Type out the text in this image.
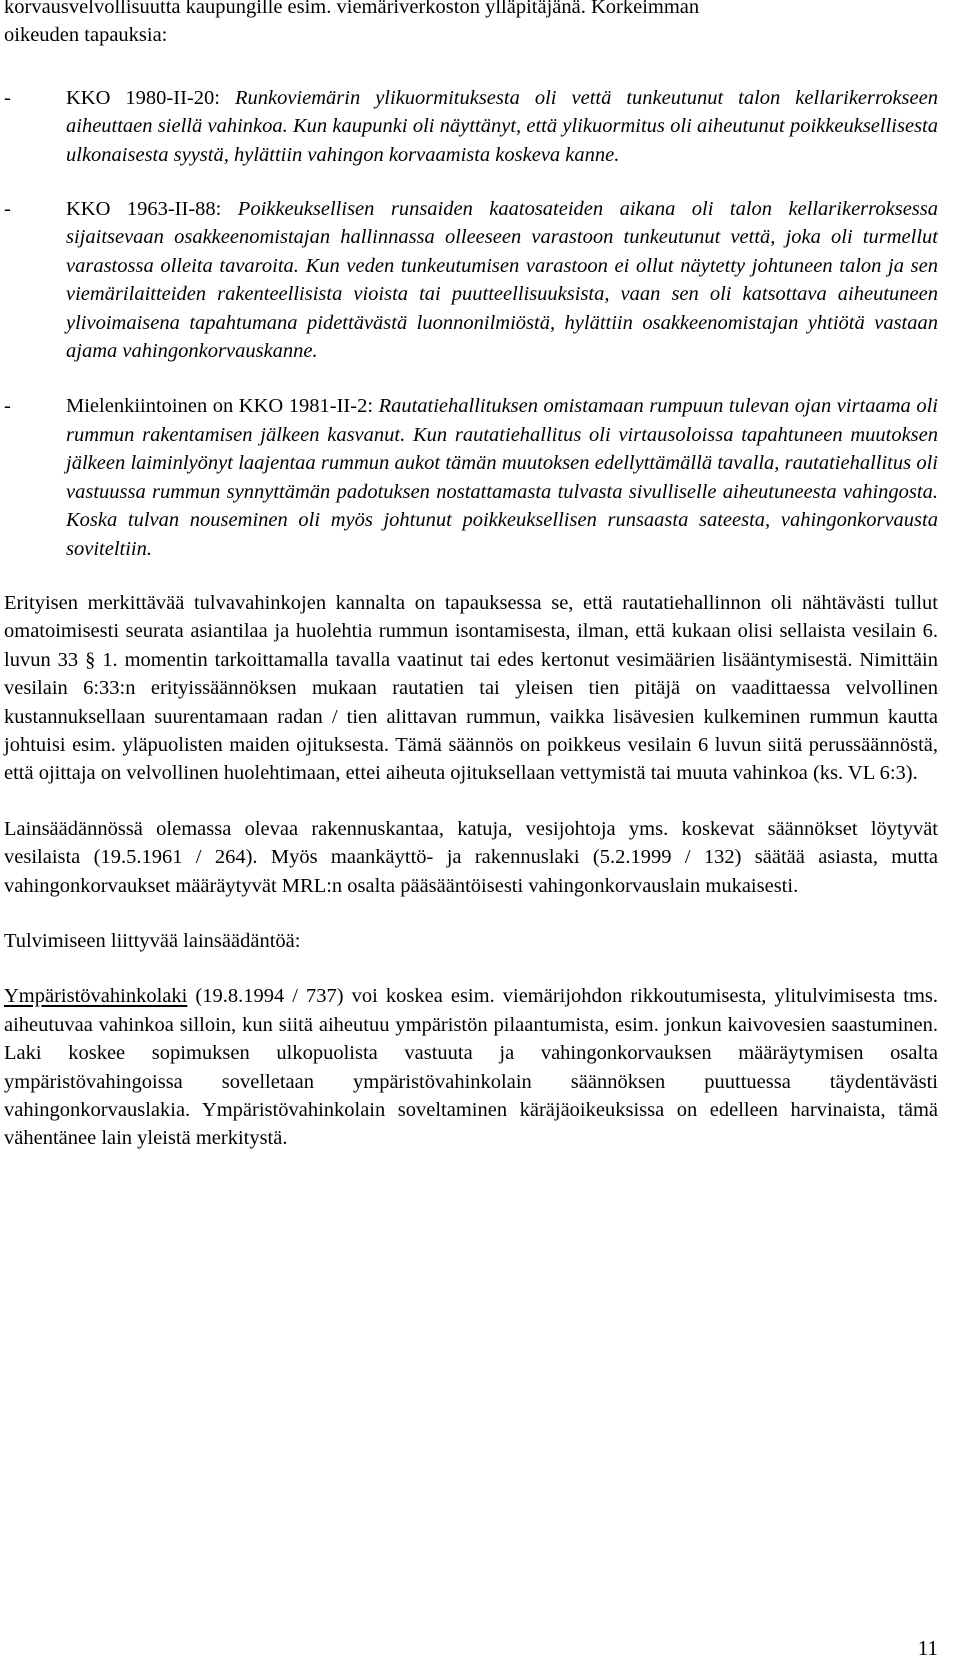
korvausvelvollisuutta kaupungille esim. viemäriverkoston ylläpitäjänä. Korkeimman
oikeuden tapauksia:

-	KKO 1980-II-20: Runkoviemärin ylikuormituksesta oli vettä tunkeutunut talon kellarikerrokseen aiheuttaen siellä vahinkoa. Kun kaupunki oli näyttänyt, että ylikuormitus oli aiheutunut poikkeuksellisesta ulkonaisesta syystä, hylättiin vahingon korvaamista koskeva kanne.

-	KKO 1963-II-88: Poikkeuksellisen runsaiden kaatosateiden aikana oli talon kellarikerroksessa sijaitsevaan osakkeenomistajan hallinnassa olleeseen varastoon tunkeutunut vettä, joka oli turmellut varastossa olleita tavaroita. Kun veden tunkeutumisen varastoon ei ollut näytetty johtuneen talon ja sen viemärilaitteiden rakenteellisista vioista tai puutteellisuuksista, vaan sen oli katsottava aiheutuneen ylivoimaisena tapahtumana pidettävästä luonnonilmiöstä, hylättiin osakkeenomistajan yhtiötä vastaan ajama vahingonkorvauskanne.

-	Mielenkiintoinen on KKO 1981-II-2: Rautatiehallituksen omistamaan rumpuun tulevan ojan virtaama oli rummun rakentamisen jälkeen kasvanut. Kun rautatiehallitus oli virtausoloissa tapahtuneen muutoksen jälkeen laiminlyönyt laajentaa rummun aukot tämän muutoksen edellyttämällä tavalla, rautatiehallitus oli vastuussa rummun synnyttämän padotuksen nostattamasta tulvasta sivulliselle aiheutuneesta vahingosta. Koska tulvan nouseminen oli myös johtunut poikkeuksellisen runsaasta sateesta, vahingonkorvausta soviteltiin.

Erityisen merkittävää tulvavahinkojen kannalta on tapauksessa se, että rautatiehallinnon oli nähtävästi tullut omatoimisesti seurata asiantilaa ja huolehtia rummun isontamisesta, ilman, että kukaan olisi sellaista vesilain 6. luvun 33 § 1. momentin tarkoittamalla tavalla vaatinut tai edes kertonut vesimäärien lisääntymisestä. Nimittäin vesilain 6:33:n erityissäännöksen mukaan rautatien tai yleisen tien pitäjä on vaadittaessa velvollinen kustannuksellaan suurentamaan radan / tien alittavan rummun, vaikka lisävesien kulkeminen rummun kautta johtuisi esim. yläpuolisten maiden ojituksesta. Tämä säännös on poikkeus vesilain 6 luvun siitä perussäännöstä, että ojittaja on velvollinen huolehtimaan, ettei aiheuta ojituksellaan vettymistä tai muuta vahinkoa (ks. VL 6:3).

Lainsäädännössä olemassa olevaa rakennuskantaa, katuja, vesijohtoja yms. koskevat säännökset löytyvät vesilaista (19.5.1961 / 264). Myös maankäyttö- ja rakennuslaki (5.2.1999 / 132) säätää asiasta, mutta vahingonkorvaukset määräytyvät MRL:n osalta pääsääntöisesti vahingonkorvauslain mukaisesti.

Tulvimiseen liittyvää lainsäädäntöä:

Ympäristövahinkolaki (19.8.1994 / 737) voi koskea esim. viemärijohdon rikkoutumisesta, ylitulvimisesta tms. aiheutuvaa vahinkoa silloin, kun siitä aiheutuu ympäristön pilaantumista, esim. jonkun kaivovesien saastuminen. Laki koskee sopimuksen ulkopuolista vastuuta ja vahingonkorvauksen määräytymisen osalta ympäristövahingoissa sovelletaan ympäristövahinkolain säännöksen puuttuessa täydentävästi vahingonkorvauslakia. Ympäristövahinkolain soveltaminen käräjäoikeuksissa on edelleen harvinaista, tämä vähentänee lain yleistä merkitystä.

11
